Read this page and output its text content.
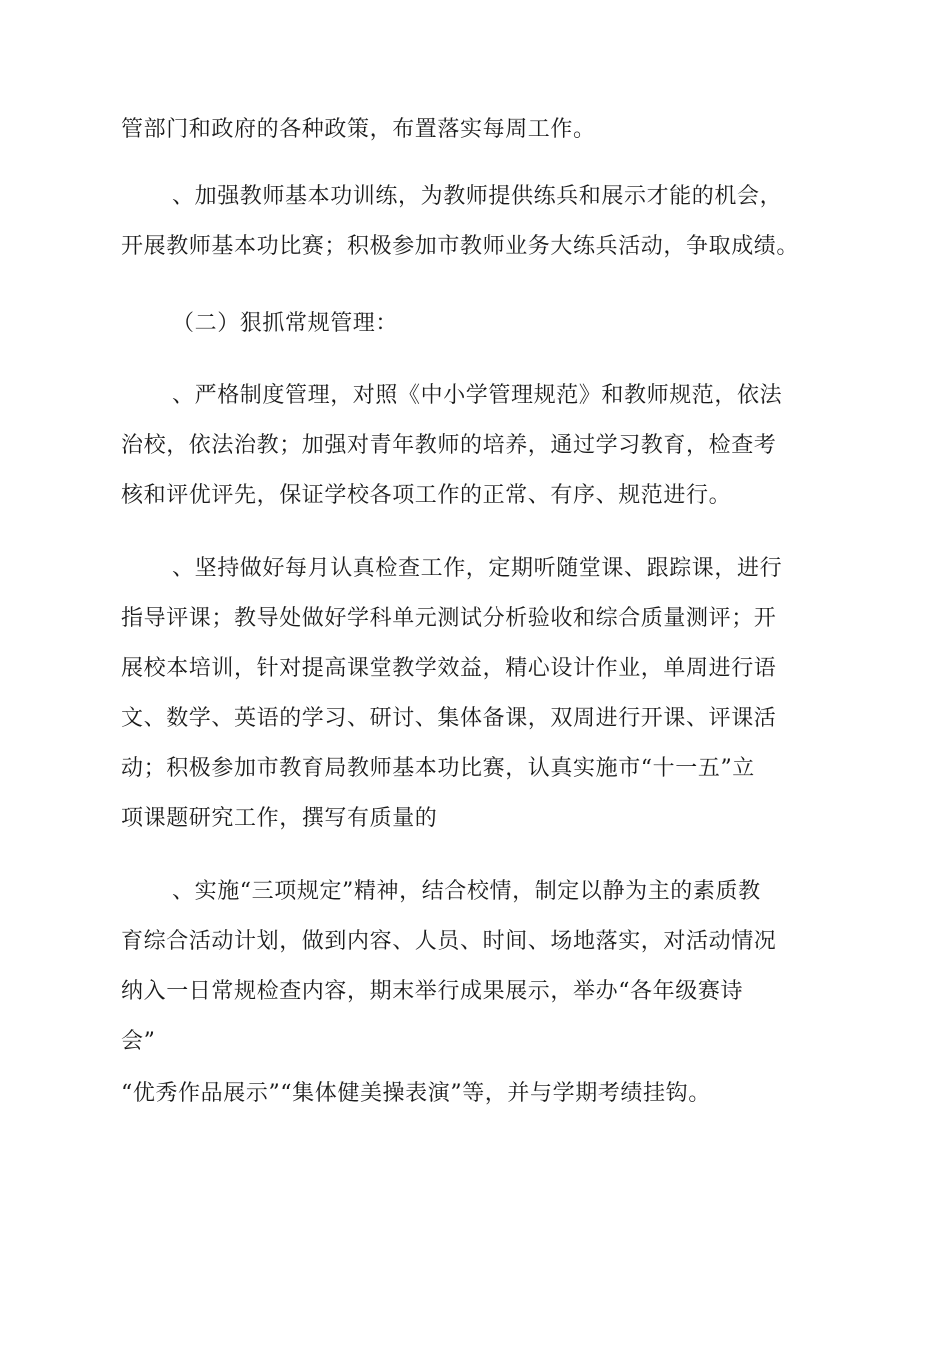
管部门和政府的各种政策，布置落实每周工作。
、加强教师基本功训练，为教师提供练兵和展示才能的机会，
开展教师基本功比赛；积极参加市教师业务大练兵活动，争取成绩。
（二）狠抓常规管理：
、严格制度管理，对照《中小学管理规范》和教师规范，依法
治校，依法治教；加强对青年教师的培养，通过学习教育，检查考
核和评优评先，保证学校各项工作的正常、有序、规范进行。
、坚持做好每月认真检查工作，定期听随堂课、跟踪课，进行
指导评课；教导处做好学科单元测试分析验收和综合质量测评；开
展校本培训，针对提高课堂教学效益，精心设计作业，单周进行语
文、数学、英语的学习、研讨、集体备课，双周进行开课、评课活
动；积极参加市教育局教师基本功比赛，认真实施市“十一五”立
项课题研究工作，撰写有质量的
、实施“三项规定”精神，结合校情，制定以静为主的素质教
育综合活动计划，做到内容、人员、时间、场地落实，对活动情况
纳入一日常规检查内容，期末举行成果展示，举办“各年级赛诗
会”
“优秀作品展示”“集体健美操表演”等，并与学期考绩挂钩。
